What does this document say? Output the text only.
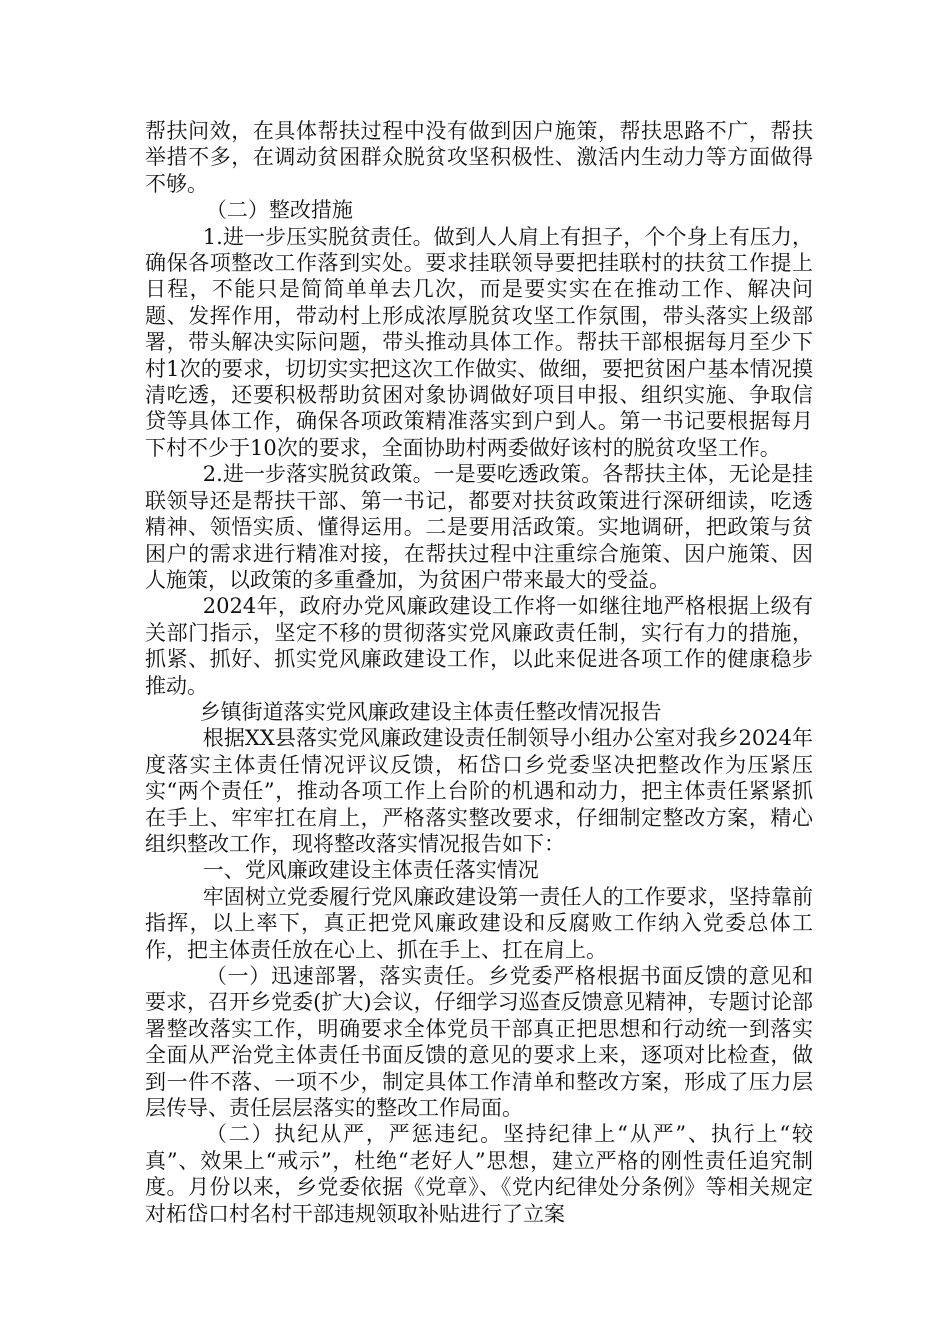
帮扶问效，在具体帮扶过程中没有做到因户施策，帮扶思路不广，帮扶举措不多，在调动贫困群众脱贫攻坚积极性、激活内生动力等方面做得不够。

（二）整改措施

1.进一步压实脱贫责任。做到人人肩上有担子，个个身上有压力，确保各项整改工作落到实处。要求挂联领导要把挂联村的扶贫工作提上日程，不能只是简简单单去几次，而是要实实在在推动工作、解决问题、发挥作用，带动村上形成浓厚脱贫攻坚工作氛围，带头落实上级部署，带头解决实际问题，带头推动具体工作。帮扶干部根据每月至少下村1次的要求，切切实实把这次工作做实、做细，要把贫困户基本情况摸清吃透，还要积极帮助贫困对象协调做好项目申报、组织实施、争取信贷等具体工作，确保各项政策精准落实到户到人。第一书记要根据每月下村不少于10次的要求，全面协助村两委做好该村的脱贫攻坚工作。

2.进一步落实脱贫政策。一是要吃透政策。各帮扶主体，无论是挂联领导还是帮扶干部、第一书记，都要对扶贫政策进行深研细读，吃透精神、领悟实质、懂得运用。二是要用活政策。实地调研，把政策与贫困户的需求进行精准对接，在帮扶过程中注重综合施策、因户施策、因人施策，以政策的多重叠加，为贫困户带来最大的受益。

2024年，政府办党风廉政建设工作将一如继往地严格根据上级有关部门指示，坚定不移的贯彻落实党风廉政责任制，实行有力的措施，抓紧、抓好、抓实党风廉政建设工作，以此来促进各项工作的健康稳步推动。

乡镇街道落实党风廉政建设主体责任整改情况报告

根据XX县落实党风廉政建设责任制领导小组办公室对我乡2024年度落实主体责任情况评议反馈，柘岱口乡党委坚决把整改作为压紧压实“两个责任”，推动各项工作上台阶的机遇和动力，把主体责任紧紧抓在手上、牢牢扛在肩上，严格落实整改要求，仔细制定整改方案，精心组织整改工作，现将整改落实情况报告如下：

一、党风廉政建设主体责任落实情况

牢固树立党委履行党风廉政建设第一责任人的工作要求，坚持靠前指挥，以上率下，真正把党风廉政建设和反腐败工作纳入党委总体工作，把主体责任放在心上、抓在手上、扛在肩上。

（一）迅速部署，落实责任。乡党委严格根据书面反馈的意见和要求，召开乡党委(扩大)会议，仔细学习巡查反馈意见精神，专题讨论部署整改落实工作，明确要求全体党员干部真正把思想和行动统一到落实全面从严治党主体责任书面反馈的意见的要求上来，逐项对比检查，做到一件不落、一项不少，制定具体工作清单和整改方案，形成了压力层层传导、责任层层落实的整改工作局面。

（二）执纪从严，严惩违纪。坚持纪律上“从严”、执行上“较真”、效果上“戒示”，杜绝“老好人”思想，建立严格的刚性责任追究制度。月份以来，乡党委依据《党章》、《党内纪律处分条例》等相关规定对柘岱口村名村干部违规领取补贴进行了立案
